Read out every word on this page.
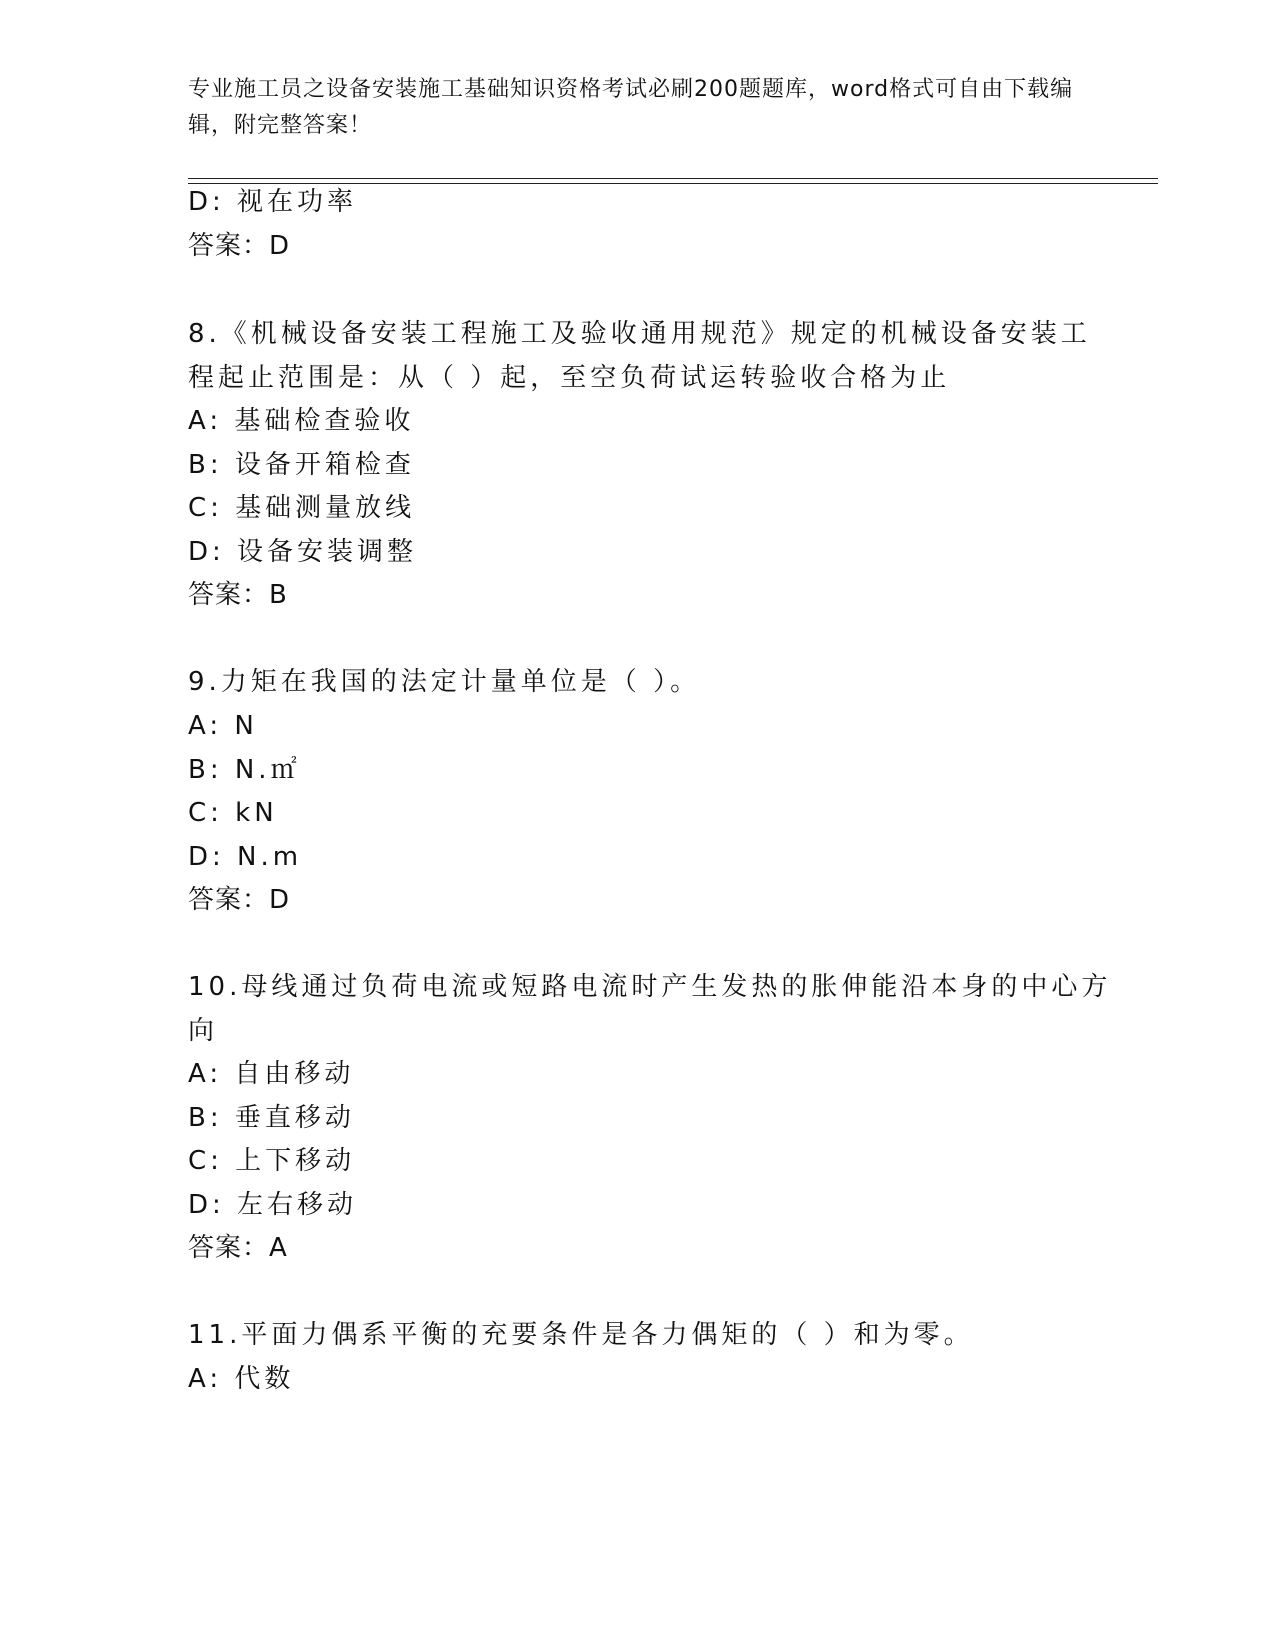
专业施工员之设备安装施工基础知识资格考试必刷200题题库，word格式可自由下载编辑，附完整答案！
D: 视在功率
答案：D
8.《机械设备安装工程施工及验收通用规范》规定的机械设备安装工
程起止范围是：从（ ）起，至空负荷试运转验收合格为止
A: 基础检查验收
B: 设备开箱检查
C: 基础测量放线
D: 设备安装调整
答案：B
9.力矩在我国的法定计量单位是（ ）。
A: N
B: N.㎡
C: kN
D: N.m
答案：D
10.母线通过负荷电流或短路电流时产生发热的胀伸能沿本身的中心方
向
A: 自由移动
B: 垂直移动
C: 上下移动
D: 左右移动
答案：A
11.平面力偶系平衡的充要条件是各力偶矩的（ ）和为零。
A: 代数
